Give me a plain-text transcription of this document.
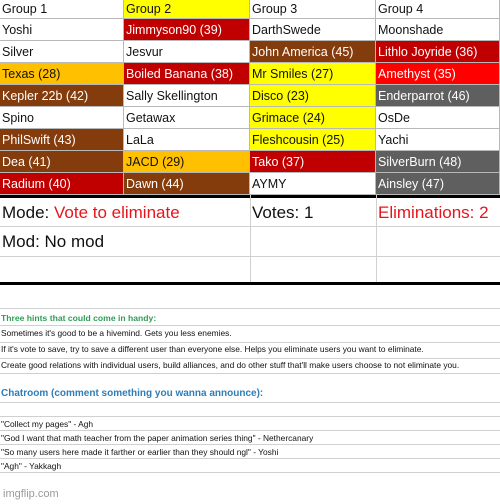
Group 1	Group 2	Group 3	Group 4
Yoshi	Jimmyson90 (39)	DarthSwede	Moonshade
Silver	Jesvur	John America (45)	Lithlo Joyride (36)
Texas (28)	Boiled Banana (38)	Mr Smiles (27)	Amethyst (35)
Kepler 22b (42)	Sally Skellington	Disco (23)	Enderparrot (46)
Spino	Getawax	Grimace (24)	OsDe
PhilSwift (43)	LaLa	Fleshcousin (25)	Yachi
Dea (41)	JACD (29)	Tako (37)	SilverBurn (48)
Radium (40)	Dawn (44)	AYMY	Ainsley (47)
Mode: Vote to eliminate	Votes: 1	Eliminations: 2
Mod: No mod
Three hints that could come in handy:
Sometimes it's good to be a hivemind. Gets you less enemies.
If it's vote to save, try to save a different user than everyone else. Helps you eliminate users you want to eliminate.
Create good relations with individual users, build alliances, and do other stuff that'll make users choose to not eliminate you.
Chatroom (comment something you wanna announce):
"Collect my pages" - Agh
"God I want that math teacher from the paper animation series thing" - Nethercanary
"So many users here made it farther or earlier than they should ngl" - Yoshi
"Agh" - Yakkagh
imgflip.com
